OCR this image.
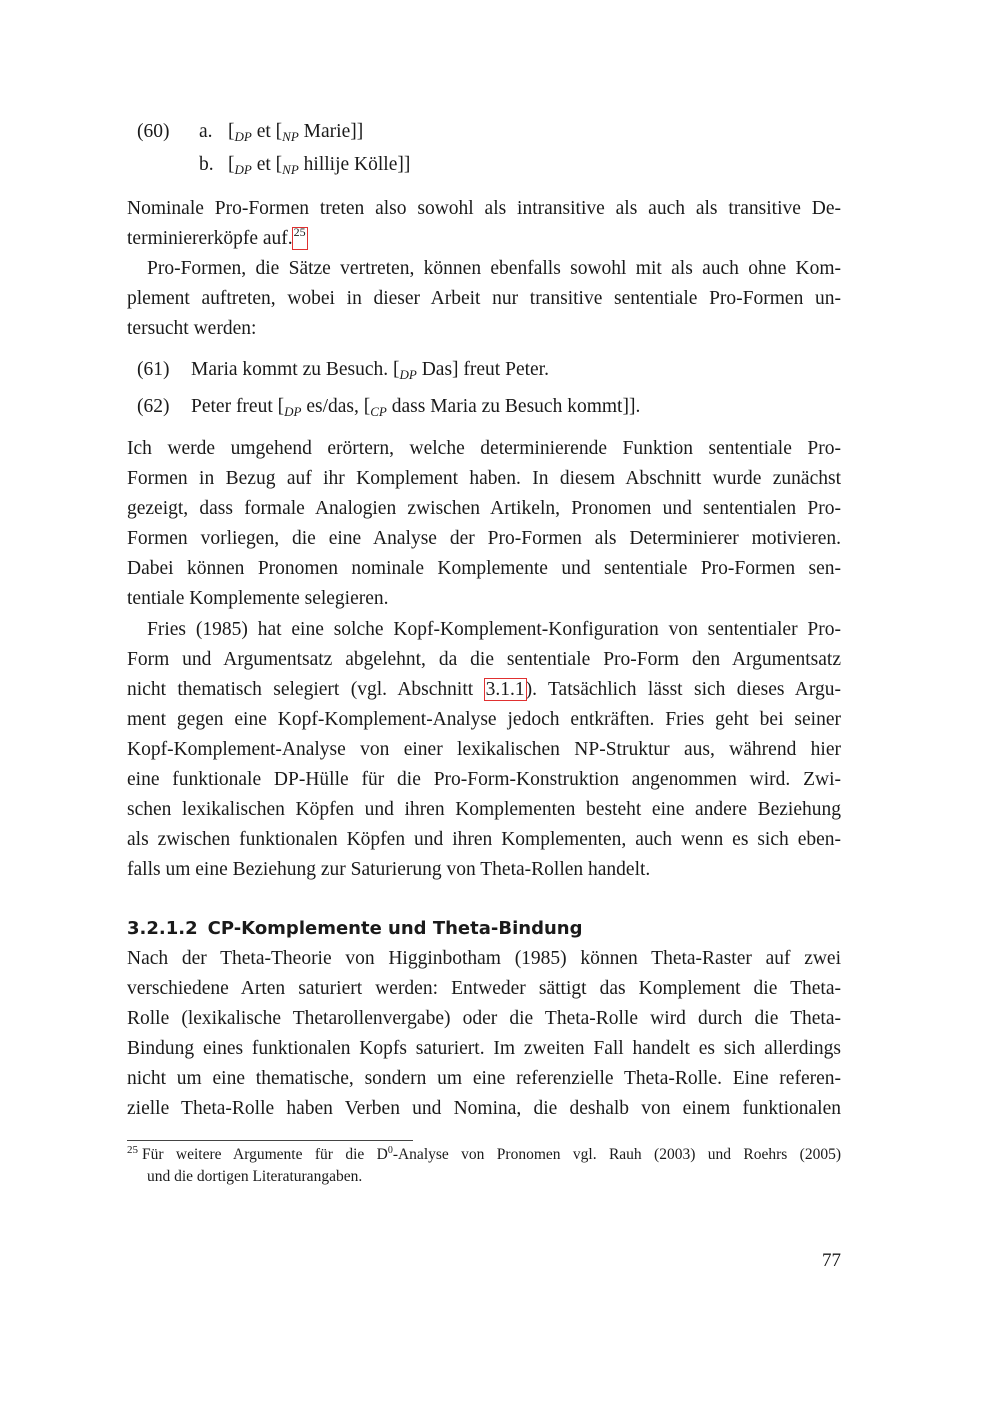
(60) a. [$_{DP}$ et [$_{NP}$ Marie]]
b. [$_{DP}$ et [$_{NP}$ hillije Kölle]]
Nominale Pro-Formen treten also sowohl als intransitive als auch als transitive De-
terminiererköpfe auf.$^{25}$
Pro-Formen, die Sätze vertreten, können ebenfalls sowohl mit als auch ohne Kom-
plement auftreten, wobei in dieser Arbeit nur transitive sententiale Pro-Formen un-
tersucht werden:
(61) Maria kommt zu Besuch. [$_{DP}$ Das] freut Peter.
(62) Peter freut [$_{DP}$ es/das, [$_{CP}$ dass Maria zu Besuch kommt]].
Ich werde umgehend erörtern, welche determinierende Funktion sententiale Pro-
Formen in Bezug auf ihr Komplement haben. In diesem Abschnitt wurde zunächst
gezeigt, dass formale Analogien zwischen Artikeln, Pronomen und sententialen Pro-
Formen vorliegen, die eine Analyse der Pro-Formen als Determinierer motivieren.
Dabei können Pronomen nominale Komplemente und sententiale Pro-Formen sen-
tentiale Komplemente selegieren.
Fries (1985) hat eine solche Kopf-Komplement-Konfiguration von sententialer Pro-
Form und Argumentsatz abgelehnt, da die sententiale Pro-Form den Argumentsatz
nicht thematisch selegiert (vgl. Abschnitt 3.1.1). Tatsächlich lässt sich dieses Argu-
ment gegen eine Kopf-Komplement-Analyse jedoch entkräften. Fries geht bei seiner
Kopf-Komplement-Analyse von einer lexikalischen NP-Struktur aus, während hier
eine funktionale DP-Hülle für die Pro-Form-Konstruktion angenommen wird. Zwi-
schen lexikalischen Köpfen und ihren Komplementen besteht eine andere Beziehung
als zwischen funktionalen Köpfen und ihren Komplementen, auch wenn es sich eben-
falls um eine Beziehung zur Saturierung von Theta-Rollen handelt.
3.2.1.2 CP-Komplemente und Theta-Bindung
Nach der Theta-Theorie von Higginbotham (1985) können Theta-Raster auf zwei
verschiedene Arten saturiert werden: Entweder sättigt das Komplement die Theta-
Rolle (lexikalische Thetarollenvergabe) oder die Theta-Rolle wird durch die Theta-
Bindung eines funktionalen Kopfs saturiert. Im zweiten Fall handelt es sich allerdings
nicht um eine thematische, sondern um eine referenzielle Theta-Rolle. Eine referen-
zielle Theta-Rolle haben Verben und Nomina, die deshalb von einem funktionalen
$^{25}$ Für weitere Argumente für die $D^0$-Analyse von Pronomen vgl. Rauh (2003) und Roehrs (2005)
und die dortigen Literaturangaben.
77
